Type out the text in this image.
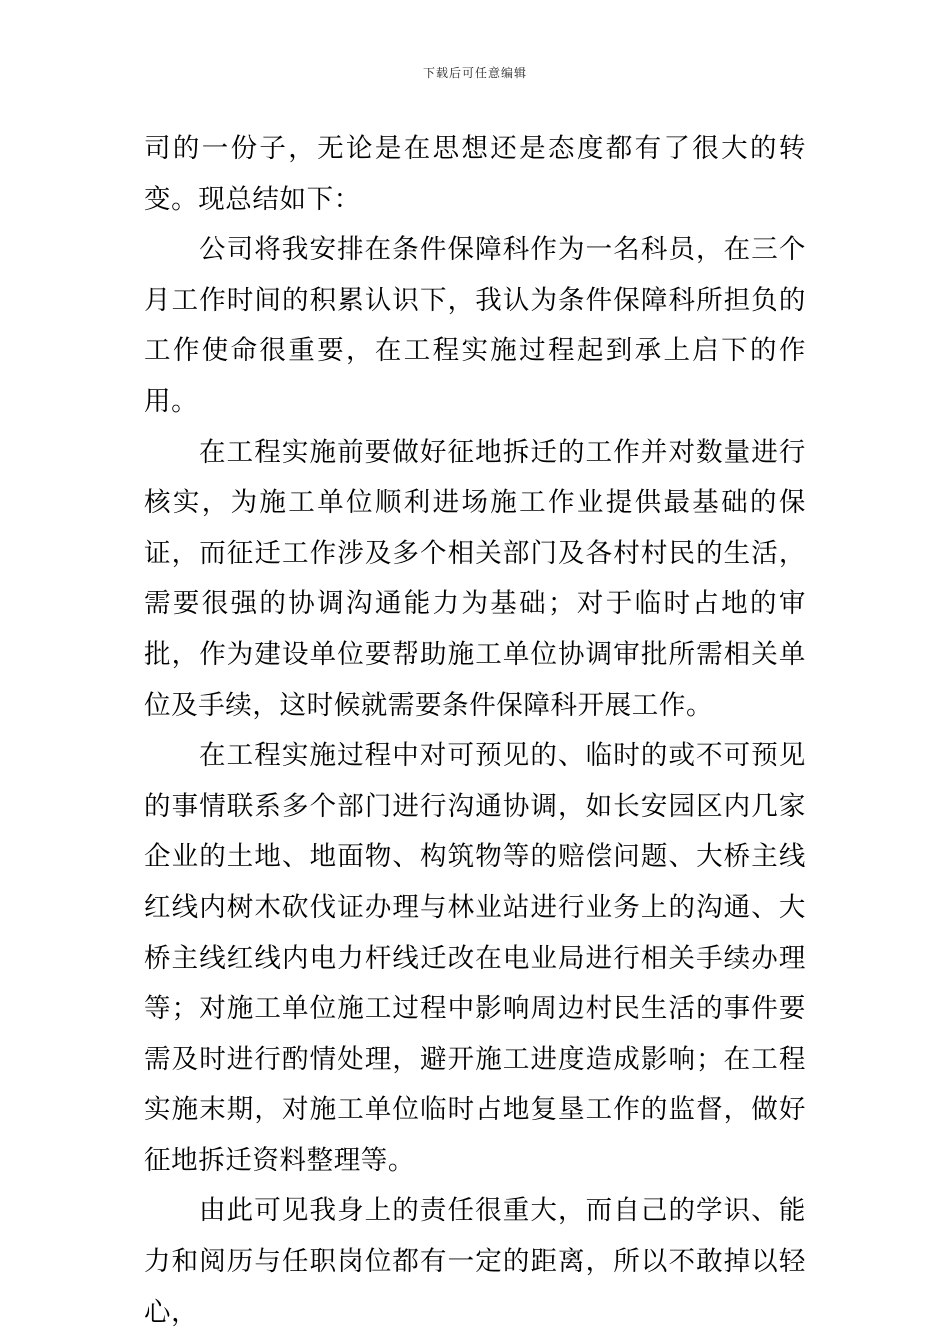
下载后可任意编辑

司的一份子，无论是在思想还是态度都有了很大的转变。现总结如下：

公司将我安排在条件保障科作为一名科员，在三个月工作时间的积累认识下，我认为条件保障科所担负的工作使命很重要，在工程实施过程起到承上启下的作用。

在工程实施前要做好征地拆迁的工作并对数量进行核实，为施工单位顺利进场施工作业提供最基础的保证，而征迁工作涉及多个相关部门及各村村民的生活，需要很强的协调沟通能力为基础；对于临时占地的审批，作为建设单位要帮助施工单位协调审批所需相关单位及手续，这时候就需要条件保障科开展工作。

在工程实施过程中对可预见的、临时的或不可预见的事情联系多个部门进行沟通协调，如长安园区内几家企业的土地、地面物、构筑物等的赔偿问题、大桥主线红线内树木砍伐证办理与林业站进行业务上的沟通、大桥主线红线内电力杆线迁改在电业局进行相关手续办理等；对施工单位施工过程中影响周边村民生活的事件要需及时进行酌情处理，避开施工进度造成影响；在工程实施末期，对施工单位临时占地复垦工作的监督，做好征地拆迁资料整理等。

由此可见我身上的责任很重大，而自己的学识、能力和阅历与任职岗位都有一定的距离，所以不敢掉以轻心，
